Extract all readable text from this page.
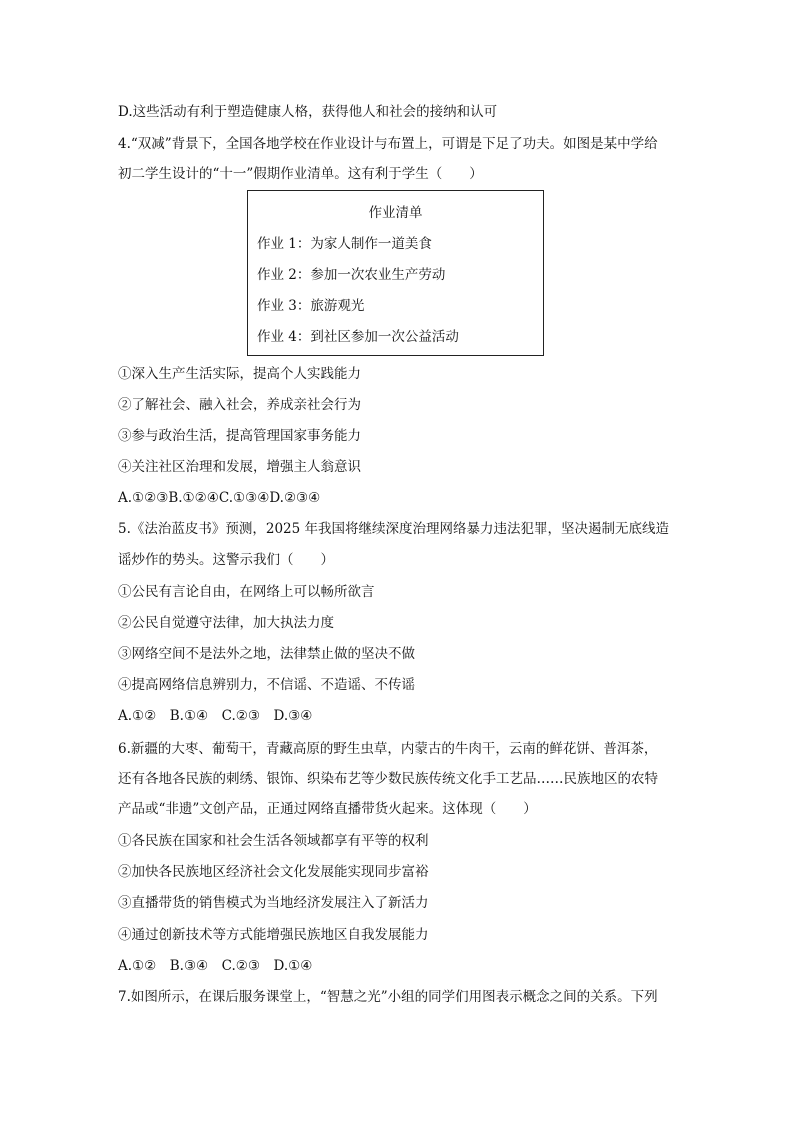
D.这些活动有利于塑造健康人格，获得他人和社会的接纳和认可
4.“双减”背景下，全国各地学校在作业设计与布置上，可谓是下足了功夫。如图是某中学给
初二学生设计的“十一”假期作业清单。这有利于学生（　　）
作业清单
作业 1：为家人制作一道美食
作业 2：参加一次农业生产劳动
作业 3：旅游观光
作业 4：到社区参加一次公益活动
①深入生产生活实际，提高个人实践能力
②了解社会、融入社会，养成亲社会行为
③参与政治生活，提高管理国家事务能力
④关注社区治理和发展，增强主人翁意识
A.①②③B.①②④C.①③④D.②③④
5.《法治蓝皮书》预测，2025 年我国将继续深度治理网络暴力违法犯罪，坚决遏制无底线造
谣炒作的势头。这警示我们（　　）
①公民有言论自由，在网络上可以畅所欲言
②公民自觉遵守法律，加大执法力度
③网络空间不是法外之地，法律禁止做的坚决不做
④提高网络信息辨别力，不信谣、不造谣、不传谣
A.①②　B.①④　C.②③　D.③④
6.新疆的大枣、葡萄干，青藏高原的野生虫草，内蒙古的牛肉干，云南的鲜花饼、普洱茶，
还有各地各民族的刺绣、银饰、织染布艺等少数民族传统文化手工艺品……民族地区的农特
产品或“非遗”文创产品，正通过网络直播带货火起来。这体现（　　）
①各民族在国家和社会生活各领域都享有平等的权利
②加快各民族地区经济社会文化发展能实现同步富裕
③直播带货的销售模式为当地经济发展注入了新活力
④通过创新技术等方式能增强民族地区自我发展能力
A.①②　B.③④　C.②③　D.①④
7.如图所示，在课后服务课堂上，“智慧之光”小组的同学们用图表示概念之间的关系。下列
